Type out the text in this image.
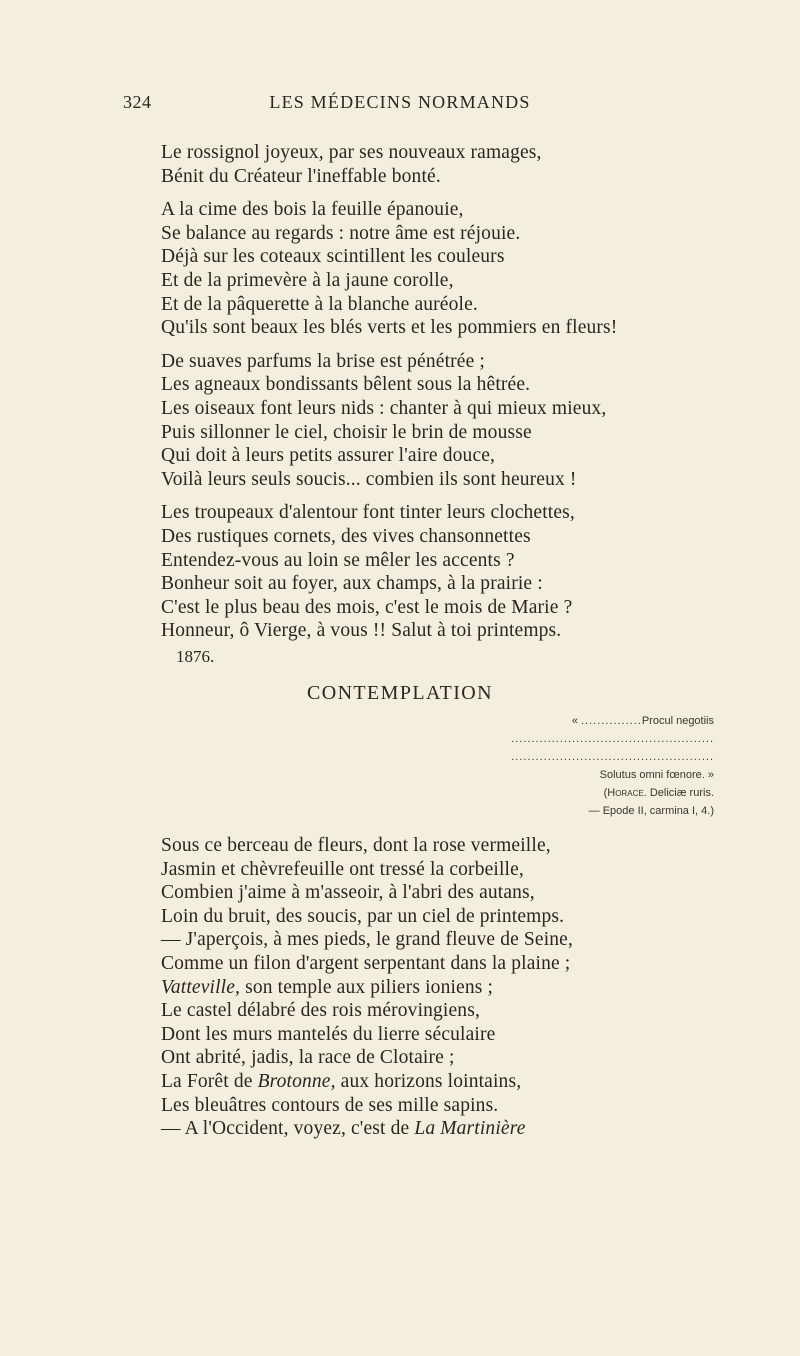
324	LES MÉDECINS NORMANDS
Le rossignol joyeux, par ses nouveaux ramages,
Bénit du Créateur l'ineffable bonté.
A la cime des bois la feuille épanouie,
Se balance au regards : notre âme est réjouie.
Déjà sur les coteaux scintillent les couleurs
Et de la primevère à la jaune corolle,
Et de la pâquerette à la blanche auréole.
Qu'ils sont beaux les blés verts et les pommiers en fleurs!
De suaves parfums la brise est pénétrée ;
Les agneaux bondissants bêlent sous la hêtrée.
Les oiseaux font leurs nids : chanter à qui mieux mieux,
Puis sillonner le ciel, choisir le brin de mousse
Qui doit à leurs petits assurer l'aire douce,
Voilà leurs seuls soucis... combien ils sont heureux !
Les troupeaux d'alentour font tinter leurs clochettes,
Des rustiques cornets, des vives chansonnettes
Entendez-vous au loin se mêler les accents ?
Bonheur soit au foyer, aux champs, à la prairie :
C'est le plus beau des mois, c'est le mois de Marie ?
Honneur, ô Vierge, à vous !! Salut à toi printemps.
1876.
CONTEMPLATION
« ...............Procul negotiis
..................................................
..................................................
Solutus omni fœnore. »
(Horace. Deliciæ ruris.
— Epode II, carmina I, 4.)
Sous ce berceau de fleurs, dont la rose vermeille,
Jasmin et chèvrefeuille ont tressé la corbeille,
Combien j'aime à m'asseoir, à l'abri des autans,
Loin du bruit, des soucis, par un ciel de printemps.
— J'aperçois, à mes pieds, le grand fleuve de Seine,
Comme un filon d'argent serpentant dans la plaine ;
Vatteville, son temple aux piliers ioniens ;
Le castel délabré des rois mérovingiens,
Dont les murs mantelés du lierre séculaire
Ont abrité, jadis, la race de Clotaire ;
La Forêt de Brotonne, aux horizons lointains,
Les bleuâtres contours de ses mille sapins.
— A l'Occident, voyez, c'est de La Martinière
